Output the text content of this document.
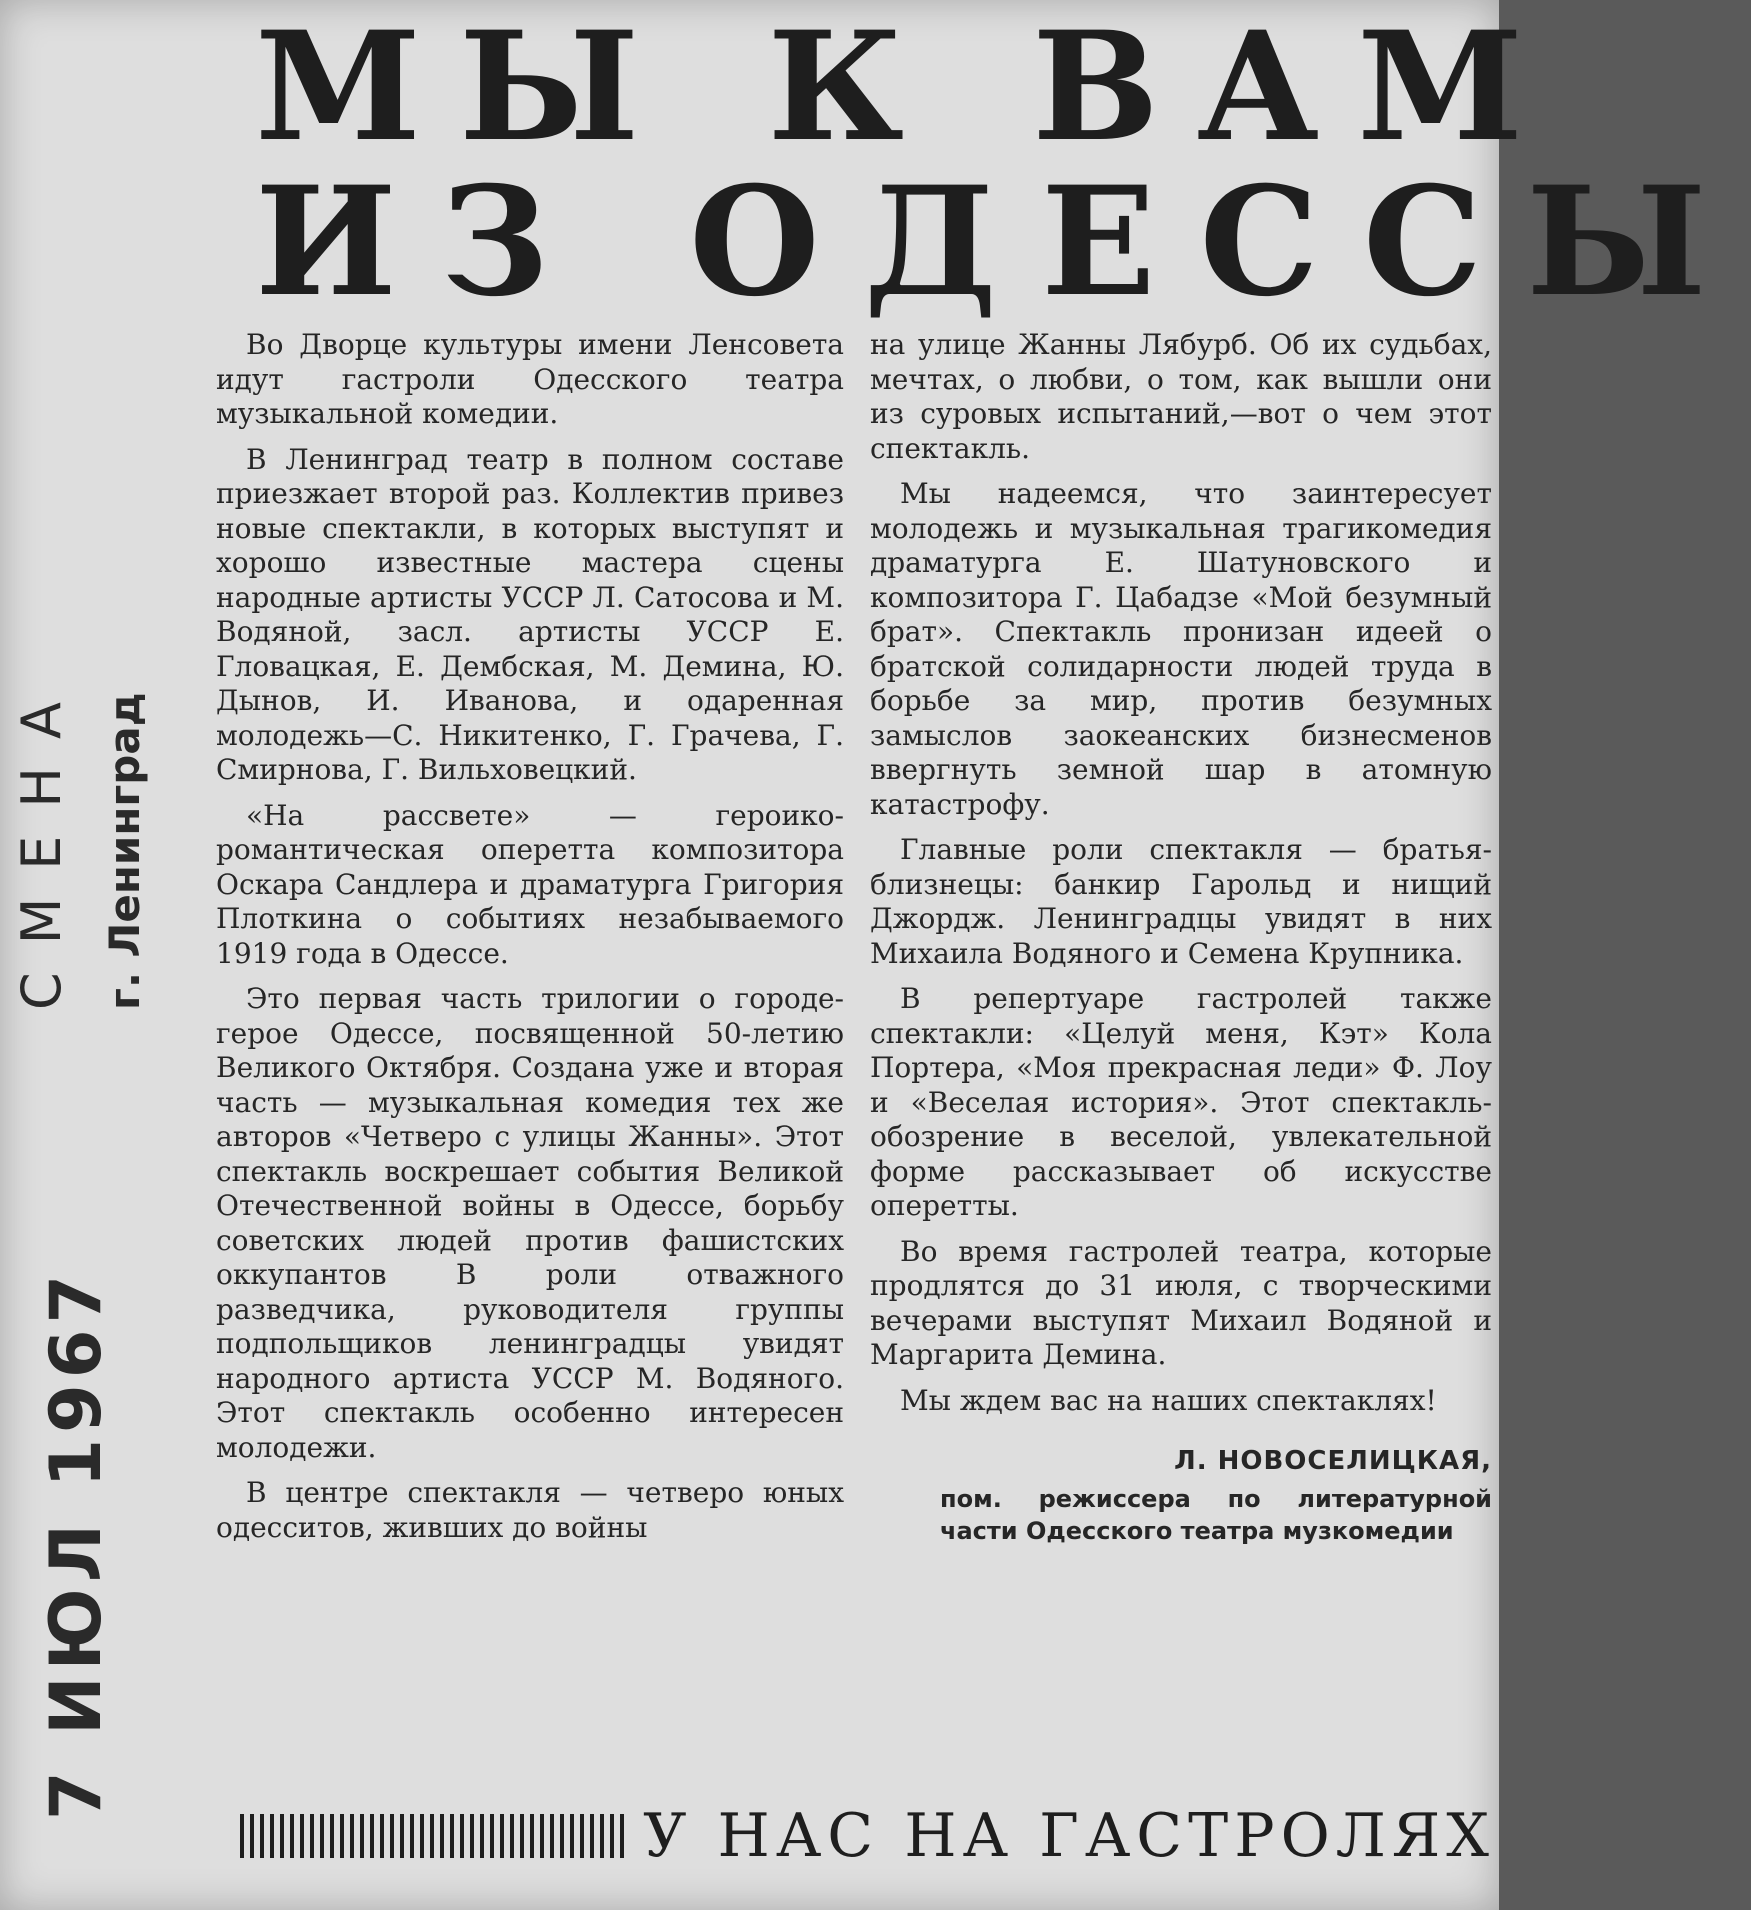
МЫ К ВАМ
ИЗ ОДЕССЫ
СМЕНА г. Ленинград
7 ИЮЛ 1967

Во Дворце культуры имени Ленсовета идут гастроли Одесского театра музыкальной комедии.

В Ленинград театр в полном составе приезжает второй раз. Коллектив привез новые спектакли, в которых выступят и хорошо известные мастера сцены народные артисты УССР Л. Сатосова и М. Водяной, засл. артисты УССР Е. Гловацкая, Е. Дембская, М. Демина, Ю. Дынов, И. Иванова, и одаренная молодежь—С. Никитенко, Г. Грачева, Г. Смирнова, Г. Вильховецкий.

«На рассвете» — героико-романтическая оперетта композитора Оскара Сандлера и драматурга Григория Плоткина о событиях незабываемого 1919 года в Одессе.

Это первая часть трилогии о городе-герое Одессе, посвященной 50-летию Великого Октября. Создана уже и вторая часть — музыкальная комедия тех же авторов «Четверо с улицы Жанны». Этот спектакль воскрешает события Великой Отечественной войны в Одессе, борьбу советских людей против фашистских оккупантов В роли отважного разведчика, руководителя группы подпольщиков ленинградцы увидят народного артиста УССР М. Водяного. Этот спектакль особенно интересен молодежи.

В центре спектакля — четверо юных одесситов, живших до войны

на улице Жанны Лябурб. Об их судьбах, мечтах, о любви, о том, как вышли они из суровых испытаний,—вот о чем этот спектакль.

Мы надеемся, что заинтересует молодежь и музыкальная трагикомедия драматурга Е. Шатуновского и композитора Г. Цабадзе «Мой безумный брат». Спектакль пронизан идеей о братской солидарности людей труда в борьбе за мир, против безумных замыслов заокеанских бизнесменов ввергнуть земной шар в атомную катастрофу.

Главные роли спектакля — братья-близнецы: банкир Гарольд и нищий Джордж. Ленинградцы увидят в них Михаила Водяного и Семена Крупника.

В репертуаре гастролей также спектакли: «Целуй меня, Кэт» Кола Портера, «Моя прекрасная леди» Ф. Лоу и «Веселая история». Этот спектакль-обозрение в веселой, увлекательной форме рассказывает об искусстве оперетты.

Во время гастролей театра, которые продлятся до 31 июля, с творческими вечерами выступят Михаил Водяной и Маргарита Демина.

Мы ждем вас на наших спектаклях!

Л. НОВОСЕЛИЦКАЯ,
пом. режиссера по литературной части Одесского театра музкомедии
У НАС НА ГАСТРОЛЯХ
